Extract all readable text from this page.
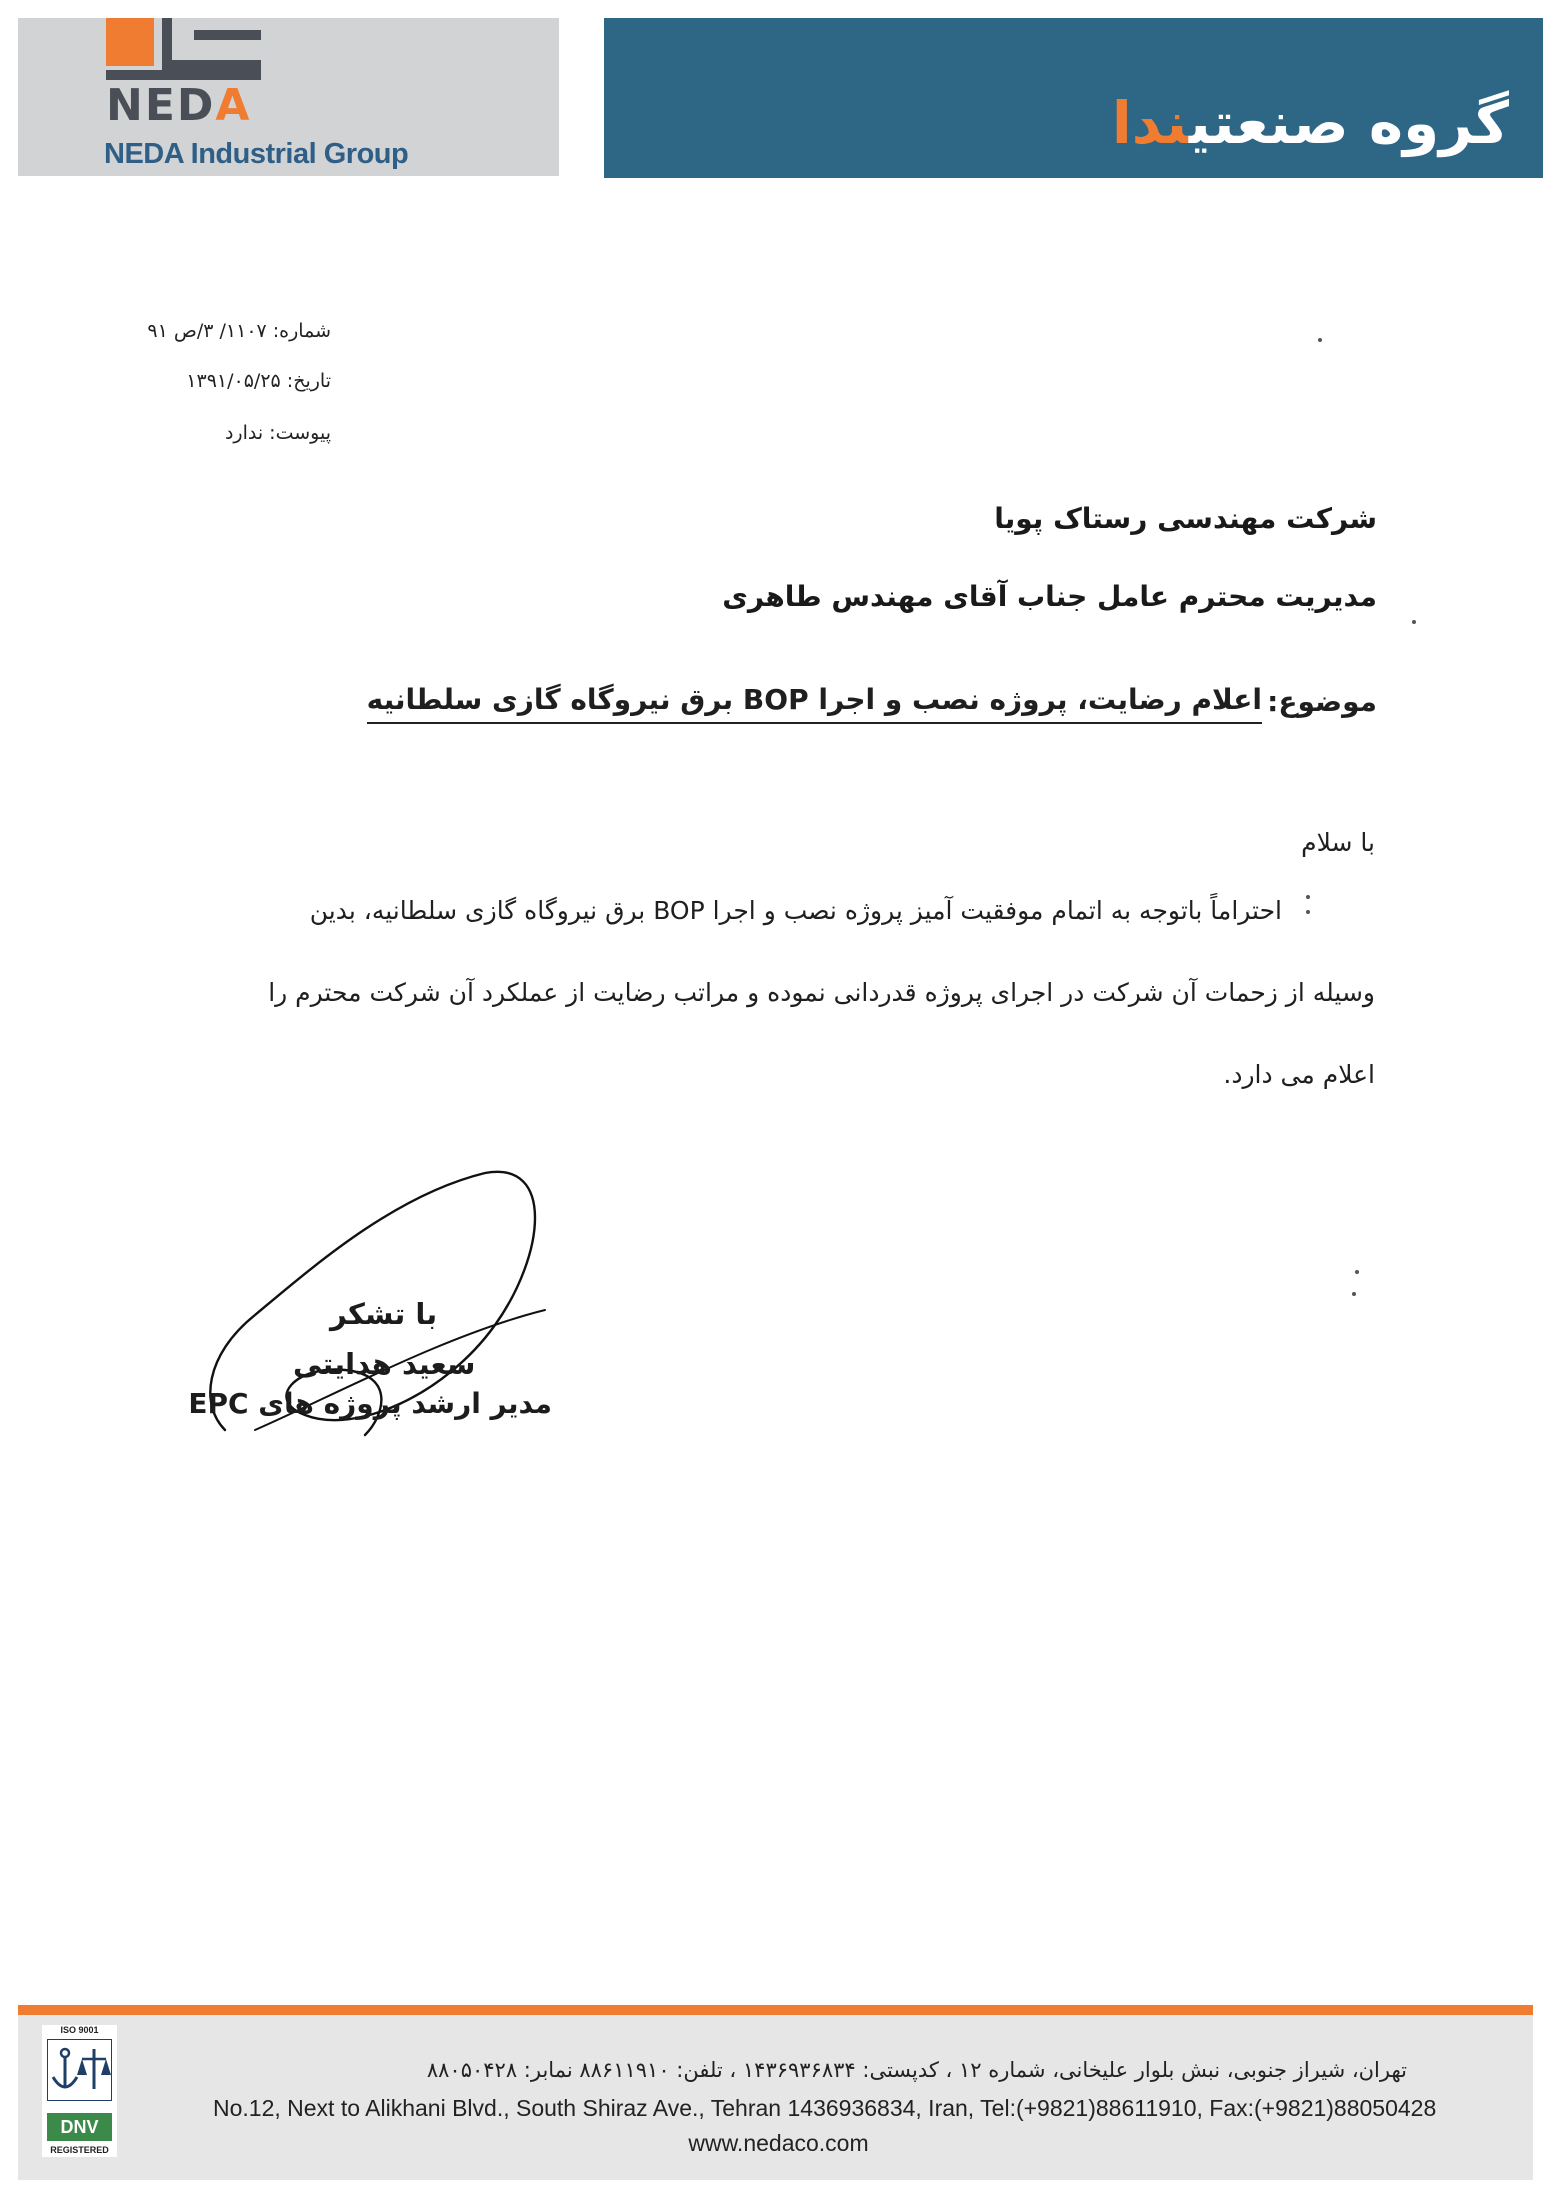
NEDA
NEDA Industrial Group	گروه صنعتیندا
شماره: ۱۱۰۷/ ۳/ص ۹۱
تاریخ: ۱۳۹۱/۰۵/۲۵
پیوست: ندارد
شرکت مهندسی رستاک پویا
مدیریت محترم عامل جناب آقای مهندس طاهری
موضوع:
اعلام رضایت، پروژه نصب و اجرا BOP برق نیروگاه گازی سلطانیه
با سلام
احتراماً باتوجه به اتمام موفقیت آمیز پروژه نصب و اجرا BOP برق نیروگاه گازی سلطانیه، بدین
وسیله از زحمات آن شرکت در اجرای پروژه قدردانی نموده و مراتب رضایت از عملکرد آن شرکت محترم را
اعلام می دارد.
با تشکر
سعید هدایتی
مدیر ارشد پروژه های EPC
ISO 9001
DNV
REGISTERED
تهران، شیراز جنوبی، نبش بلوار علیخانی، شماره ۱۲ ، کدپستی: ۱۴۳۶۹۳۶۸۳۴ ، تلفن: ۸۸۶۱۱۹۱۰ نمابر: ۸۸۰۵۰۴۲۸
No.12, Next to Alikhani Blvd., South Shiraz Ave., Tehran 1436936834, Iran, Tel:(+9821)88611910, Fax:(+9821)88050428
www.nedaco.com
